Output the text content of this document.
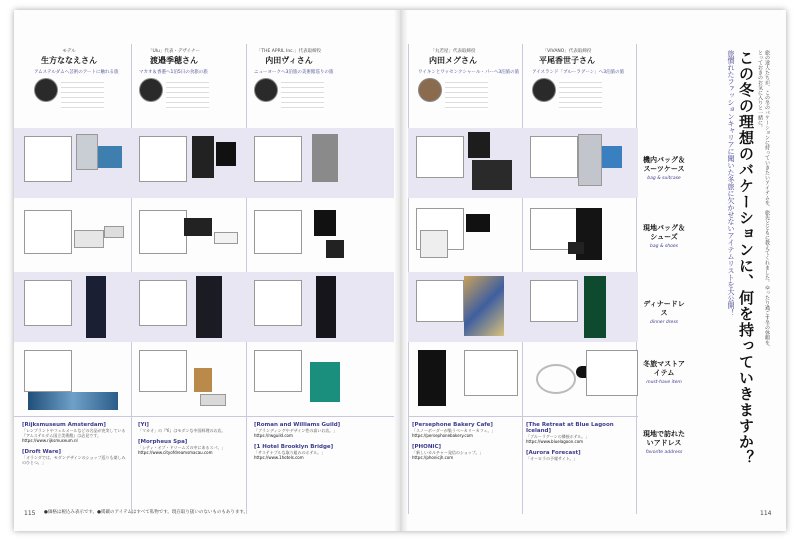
モデル
生方ななえさん
アムステルダムへ芸術のアートに触れる旅
「Ulu」代表・デザイナー
渡邉季穂さん
マカオ＆香港へ1泊5日の食旅の旅
「THE APRIL Inc.」代表取締役
内田ヴィさん
ニューヨークへ3泊旅の美術館巡りの旅
[Rijksmuseum Amsterdam]
「レンブラントやフェルメールなどの名品が充実している『アムステルダム国立美術館』は必見です。
https://www.rijksmuseum.nl
[Droft Ware]
「オランダでは、モダンデザインのショップ巡りも楽しみのひとつ。」
[Yi]
「マカオ」の『Yi』はモダンな中国料理のお店。
[Morpheus Spa]
「シティ・オブ・ドリームズの中にあるスパ。」
https://www.cityofdreamsmacau.com
[Roman and Williams Guild]
「ブランディングやデザイン性の高いお店。」
https://rwguild.com
[1 Hotel Brooklyn Bridge]
「サステナブルな取り組みのホテル。」
https://www.1hotels.com
115 ●価格は税込み表示です。●掲載のアイテムはすべて私物です。現在取り扱いのないものもあります。
「丸若屋」代表取締役
内田メグさん
ワイキンとワッセンクシャール・パーヘ3泊旅の旅
「VIVANO」代表取締役
平尾香世子さん
アイスランド「ブルーラグーン」へ3泊旅の旅
[Persephone Bakery Cafe]
「スノーボーダーが集うベーカリーカフェ。」
https://persephonebakery.com
[PHONIC]
「新しいカルチャー発信のショップ。」
https://phonicjh.com
[The Retreat at Blue Lagoon Iceland]
「ブルーラグーンの隣接ホテル。」
https://www.bluelagoon.com
[Aurora Forecast]
「オーロラの予報サイト。」
機内バッグ＆スーツケース
bag & suitcase
現地バッグ＆シューズ
bag & shoes
ディナードレス
dinner dress
冬旅マストアイテム
must-have item
現地で訪れたいアドレス
favorite address	この冬の理想のバケーションに、何を持っていきますか？
旅慣れたファッションキャリアに聞いた冬旅に欠かせないアイテムリストを大公開！	旅の達人たちが、この冬のバケーションに持っていきたいアイテムを、旅先とともに教えてくれました。ゆったり過ごす冬の休暇を、とっておきのお気に入りと一緒に。
114
